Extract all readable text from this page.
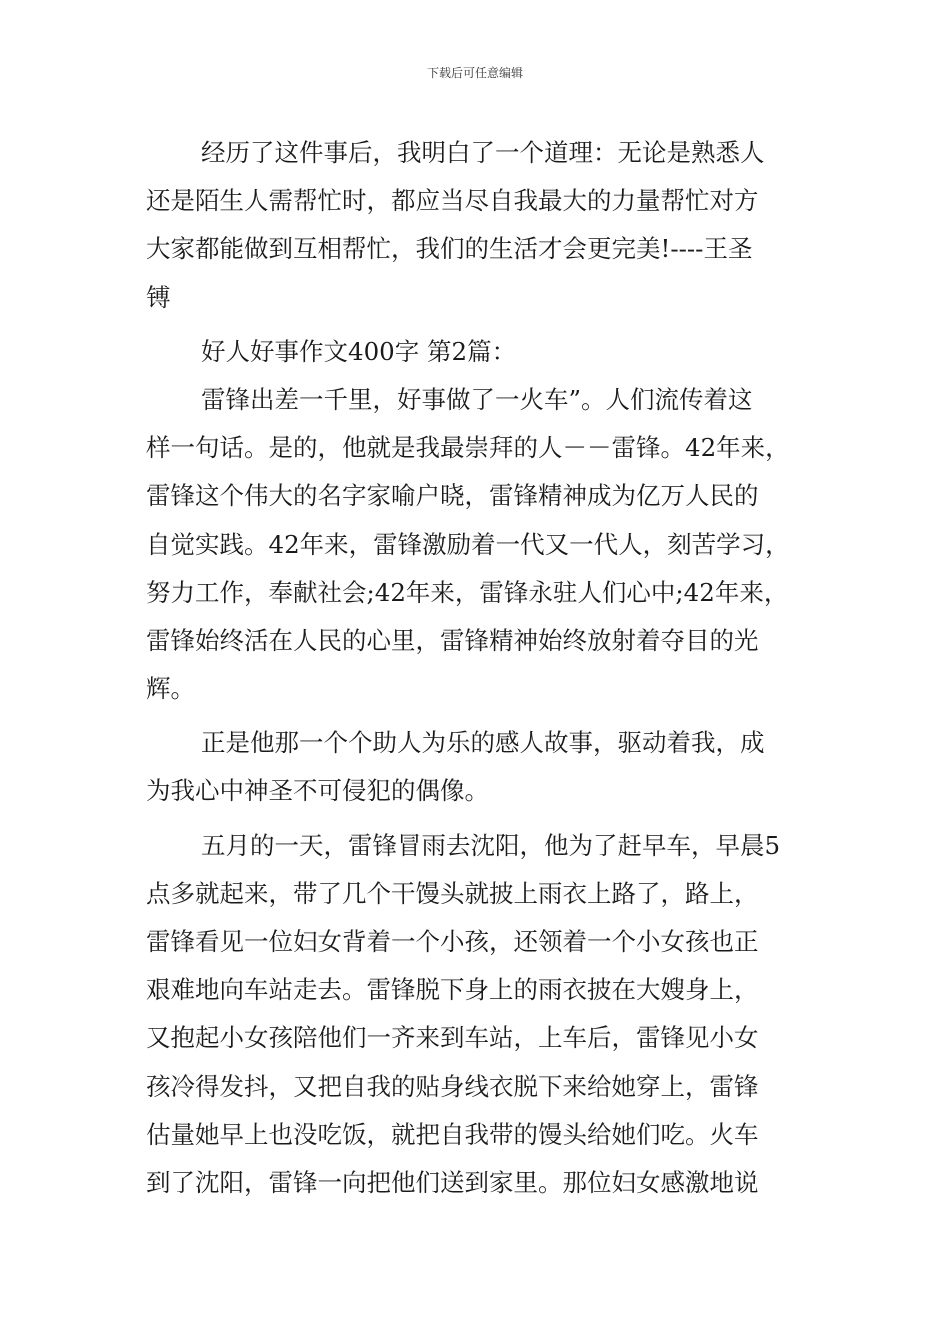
下载后可任意编辑
经历了这件事后，我明白了一个道理：无论是熟悉人
还是陌生人需帮忙时，都应当尽自我最大的力量帮忙对方
大家都能做到互相帮忙，我们的生活才会更完美!----王圣
镈
好人好事作文400字 第2篇：
雷锋出差一千里，好事做了一火车”。人们流传着这
样一句话。是的，他就是我最崇拜的人－－雷锋。42年来，
雷锋这个伟大的名字家喻户晓，雷锋精神成为亿万人民的
自觉实践。42年来，雷锋激励着一代又一代人，刻苦学习，
努力工作，奉献社会;42年来，雷锋永驻人们心中;42年来，
雷锋始终活在人民的心里，雷锋精神始终放射着夺目的光
辉。
正是他那一个个助人为乐的感人故事，驱动着我，成
为我心中神圣不可侵犯的偶像。
五月的一天，雷锋冒雨去沈阳，他为了赶早车，早晨5
点多就起来，带了几个干馒头就披上雨衣上路了，路上，
雷锋看见一位妇女背着一个小孩，还领着一个小女孩也正
艰难地向车站走去。雷锋脱下身上的雨衣披在大嫂身上，
又抱起小女孩陪他们一齐来到车站，上车后，雷锋见小女
孩冷得发抖，又把自我的贴身线衣脱下来给她穿上，雷锋
估量她早上也没吃饭，就把自我带的馒头给她们吃。火车
到了沈阳，雷锋一向把他们送到家里。那位妇女感激地说
